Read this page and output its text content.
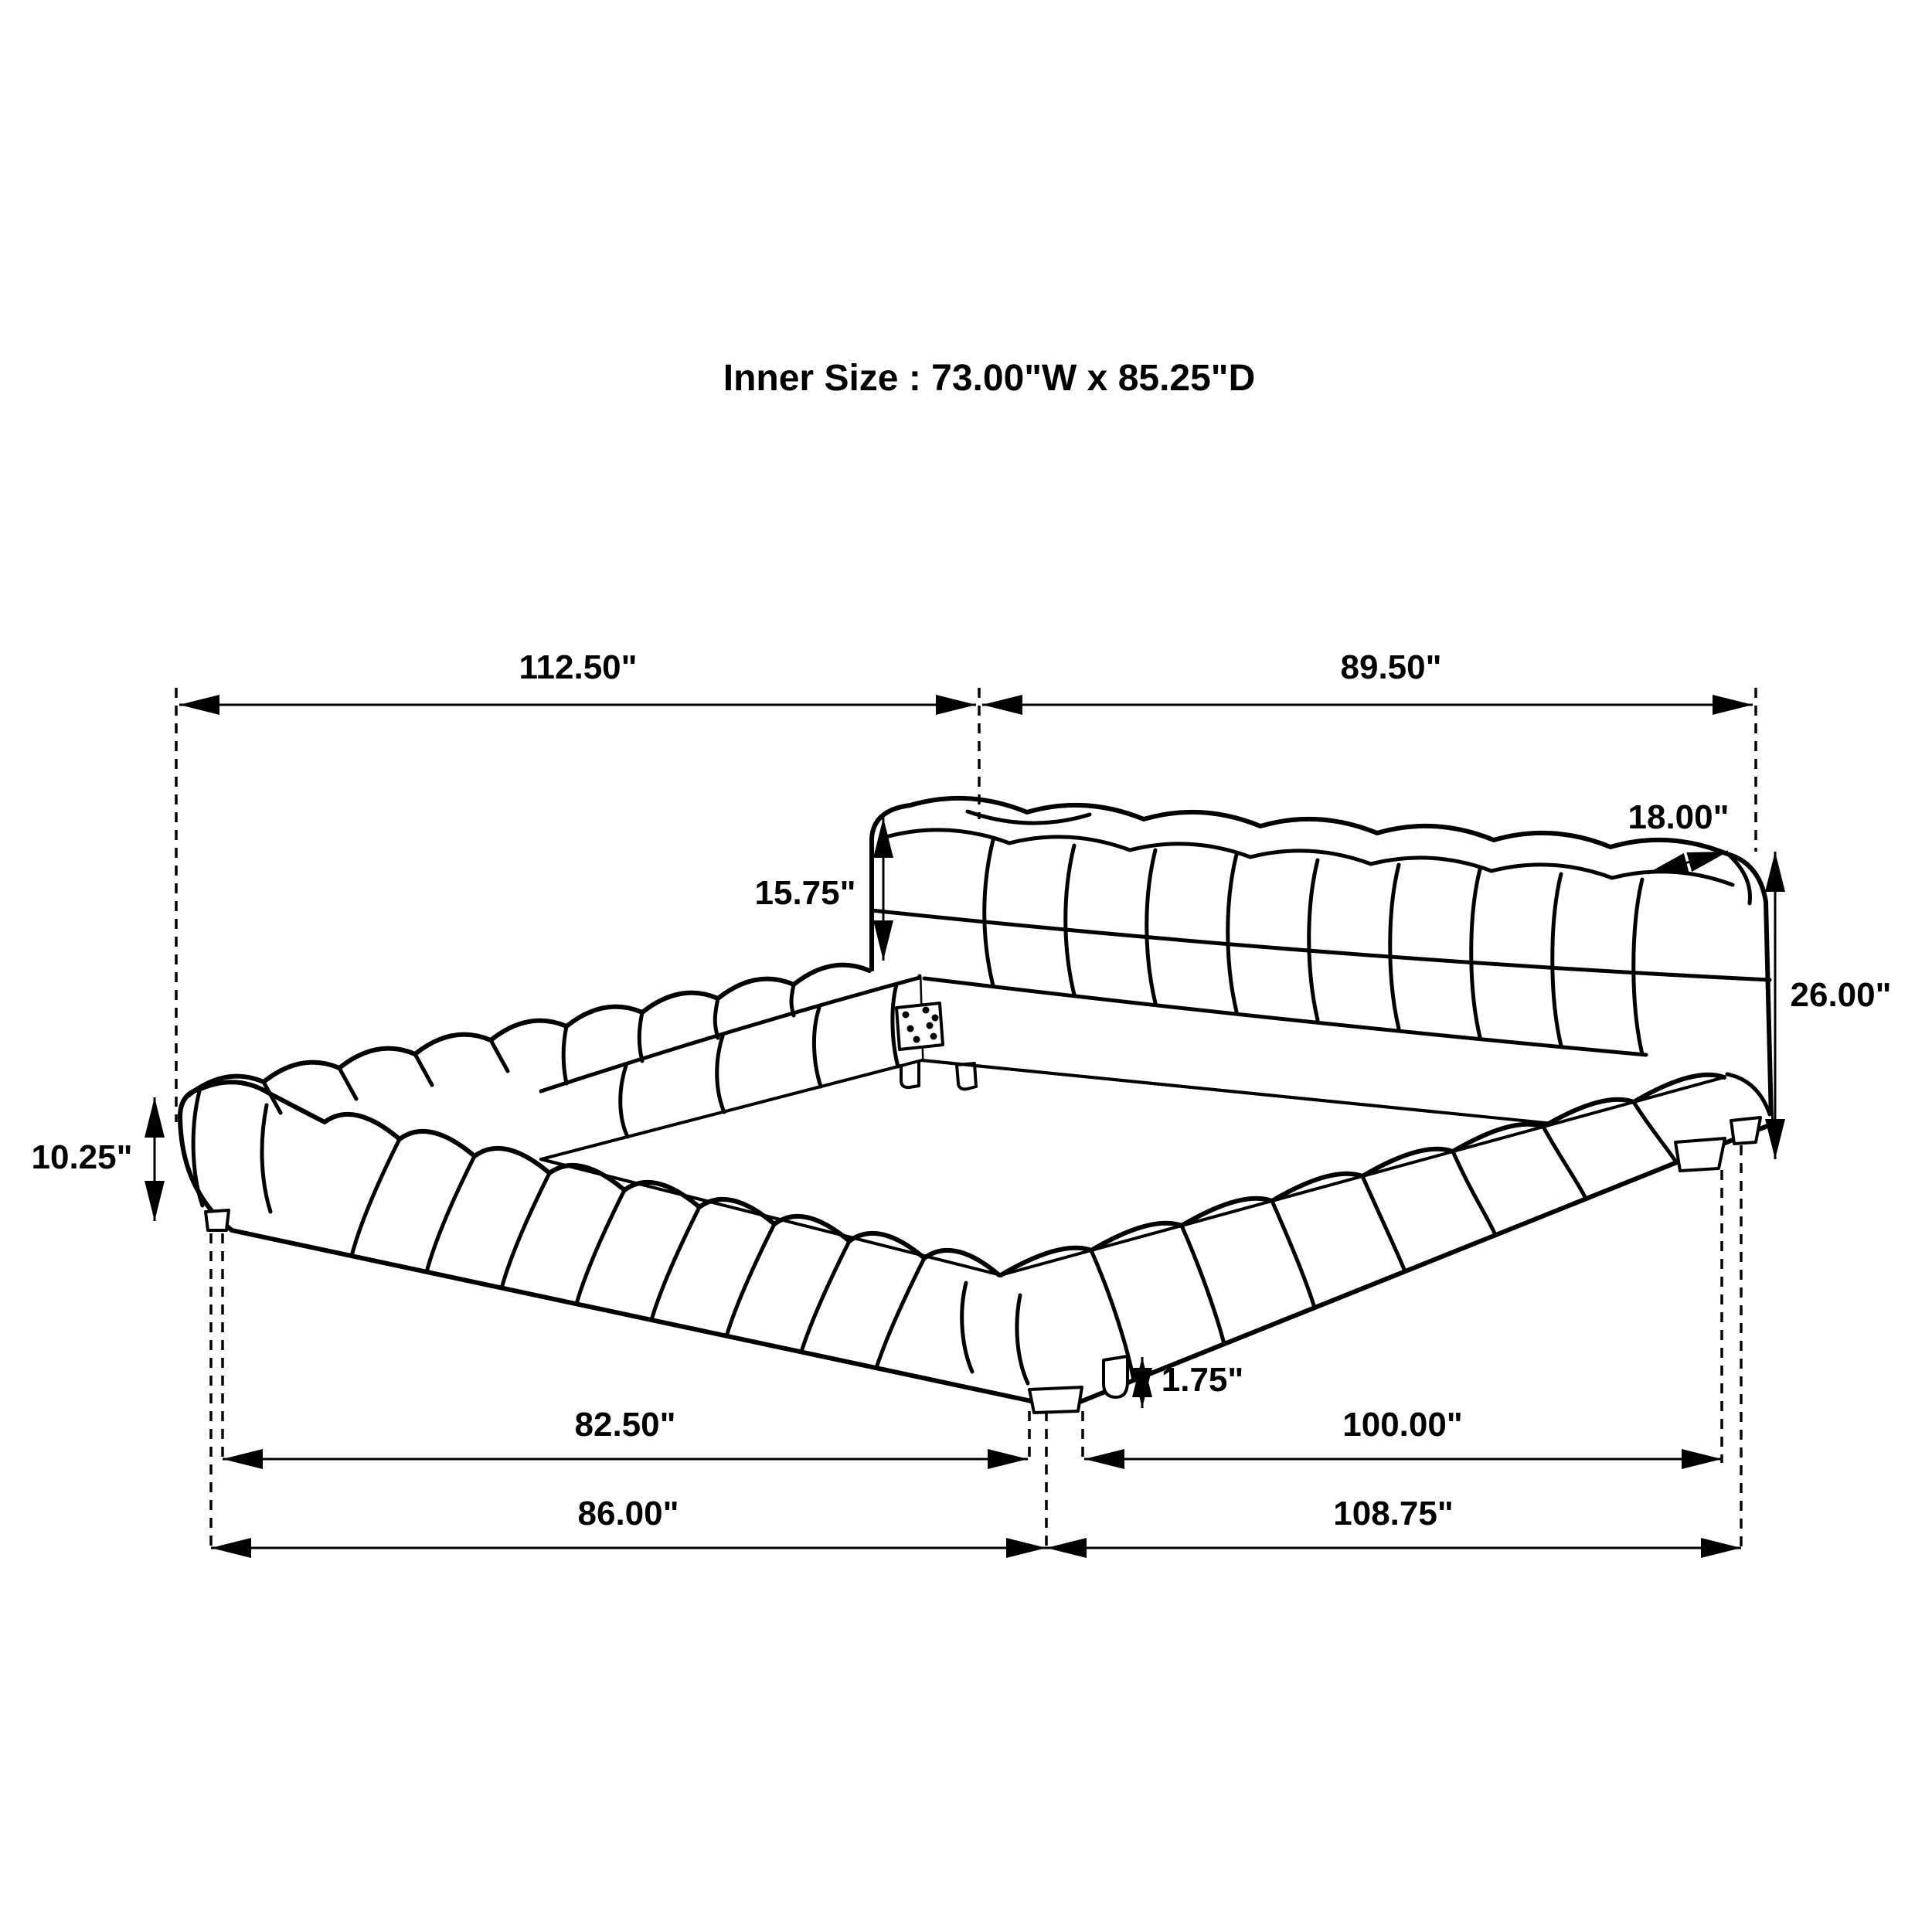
Inner Size : 73.00"W x 85.25"D
112.50"	89.50"
18.00"
15.75"
26.00"
10.25"
1.75"
82.50"	100.00"
86.00"	108.75"
